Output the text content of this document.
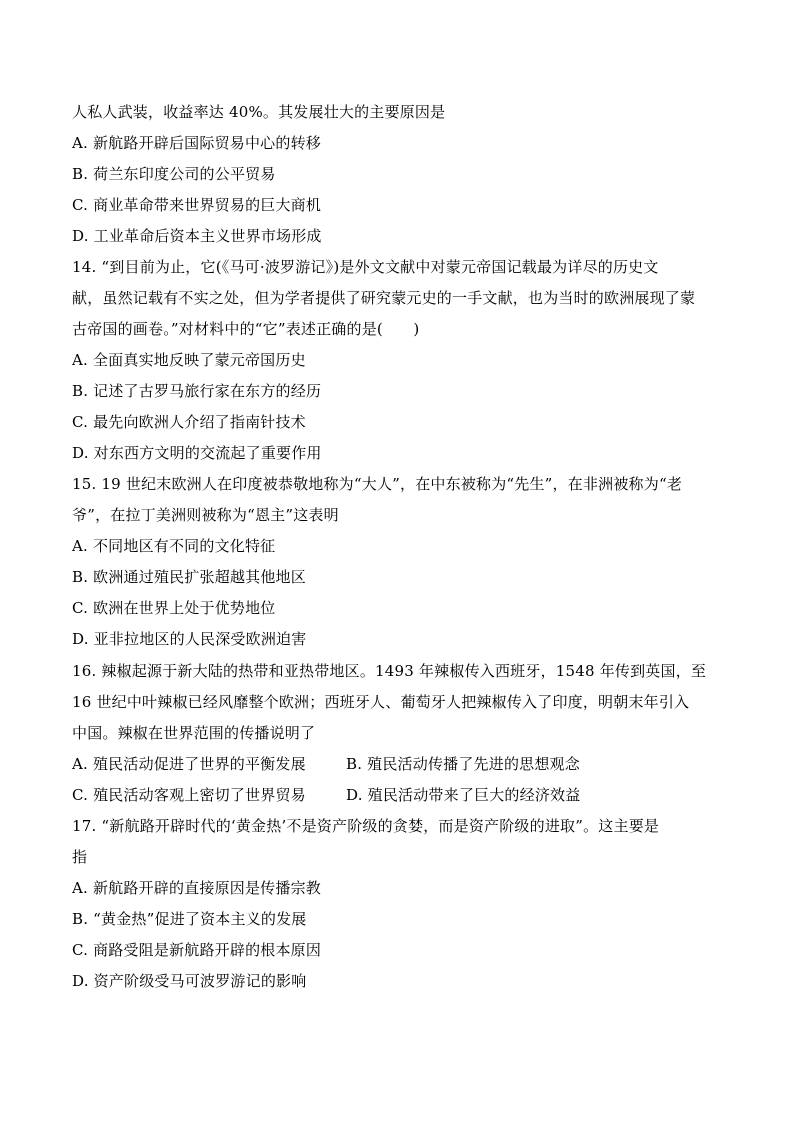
人私人武装，收益率达 40%。其发展壮大的主要原因是
A. 新航路开辟后国际贸易中心的转移
B. 荷兰东印度公司的公平贸易
C. 商业革命带来世界贸易的巨大商机
D. 工业革命后资本主义世界市场形成
14. “到目前为止，它(《马可·波罗游记》)是外文文献中对蒙元帝国记载最为详尽的历史文
献，虽然记载有不实之处，但为学者提供了研究蒙元史的一手文献，也为当时的欧洲展现了蒙
古帝国的画卷。”对材料中的“它”表述正确的是(　　)
A. 全面真实地反映了蒙元帝国历史
B. 记述了古罗马旅行家在东方的经历
C. 最先向欧洲人介绍了指南针技术
D. 对东西方文明的交流起了重要作用
15. 19 世纪末欧洲人在印度被恭敬地称为“大人”，在中东被称为“先生”，在非洲被称为“老
爷”，在拉丁美洲则被称为“恩主”这表明
A. 不同地区有不同的文化特征
B. 欧洲通过殖民扩张超越其他地区
C. 欧洲在世界上处于优势地位
D. 亚非拉地区的人民深受欧洲迫害
16. 辣椒起源于新大陆的热带和亚热带地区。1493 年辣椒传入西班牙，1548 年传到英国，至
16 世纪中叶辣椒已经风靡整个欧洲；西班牙人、葡萄牙人把辣椒传入了印度，明朝末年引入
中国。辣椒在世界范围的传播说明了
A. 殖民活动促进了世界的平衡发展	B. 殖民活动传播了先进的思想观念
C. 殖民活动客观上密切了世界贸易	D. 殖民活动带来了巨大的经济效益
17. “新航路开辟时代的‘黄金热’不是资产阶级的贪婪，而是资产阶级的进取”。这主要是
指
A. 新航路开辟的直接原因是传播宗教
B. “黄金热”促进了资本主义的发展
C. 商路受阻是新航路开辟的根本原因
D. 资产阶级受马可波罗游记的影响
